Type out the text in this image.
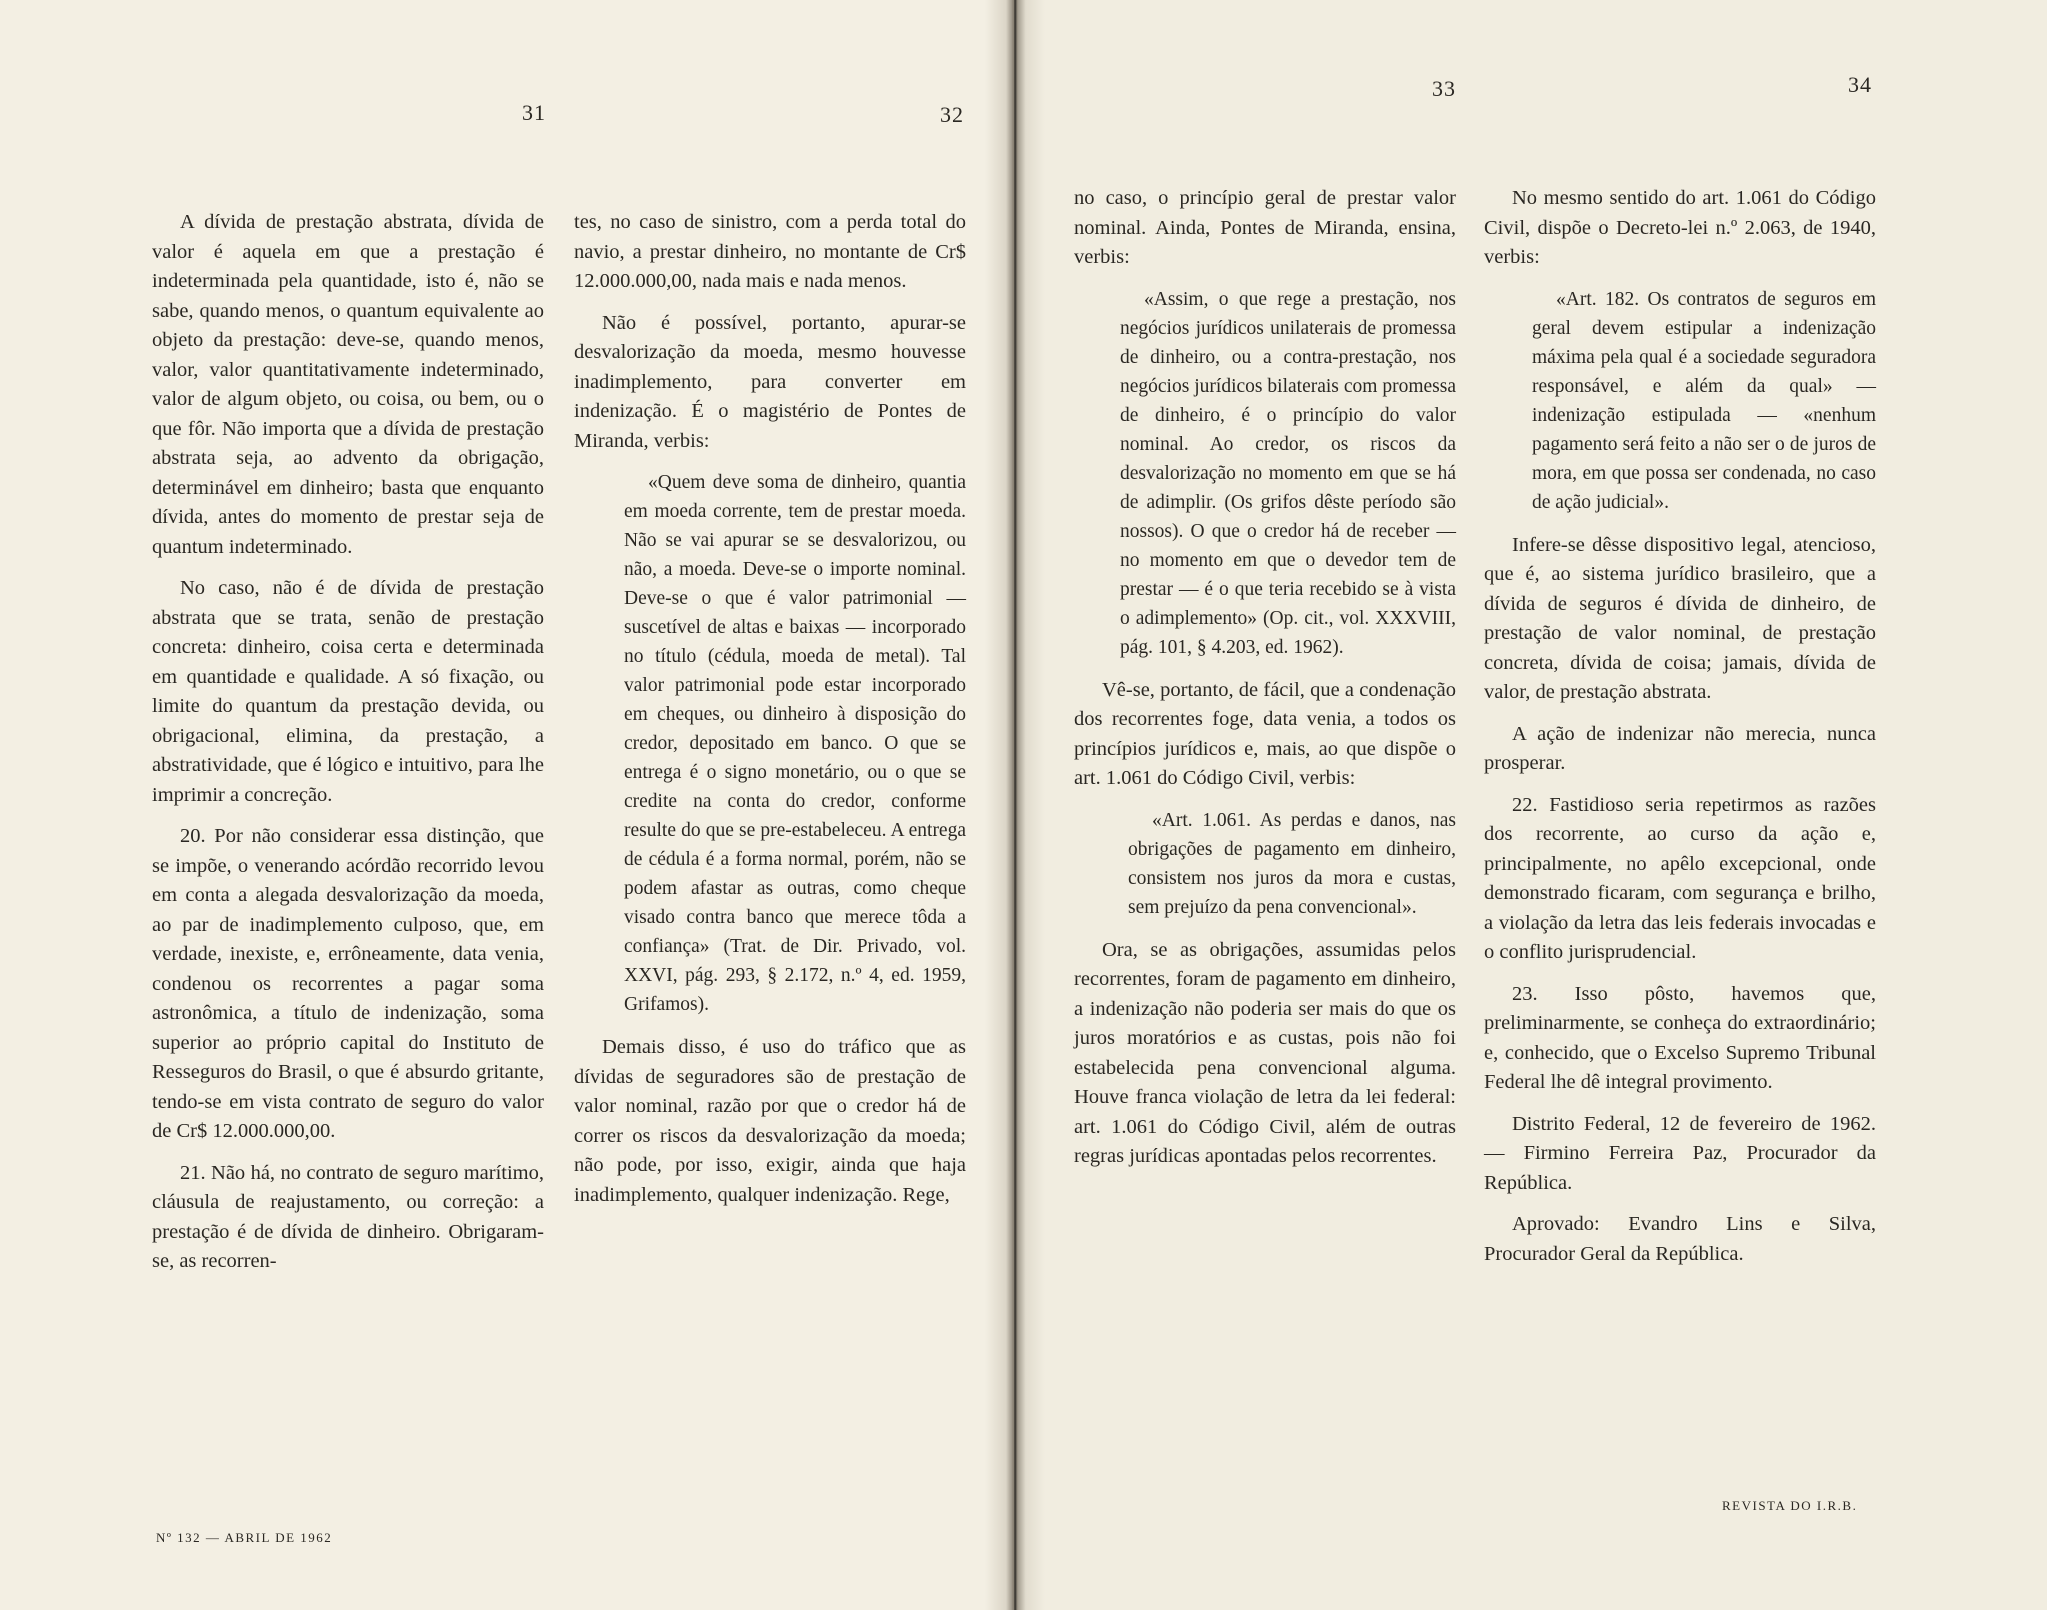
31	32
33	34

A dívida de prestação abstrata, dívida de valor é aquela em que a prestação é indeterminada pela quantidade, isto é, não se sabe, quando menos, o quantum equivalente ao objeto da prestação: deve-se, quando menos, valor, valor quantitativamente indeterminado, valor de algum objeto, ou coisa, ou bem, ou o que fôr. Não importa que a dívida de prestação abstrata seja, ao advento da obrigação, determinável em dinheiro; basta que enquanto dívida, antes do momento de prestar seja de quantum indeterminado.

No caso, não é de dívida de prestação abstrata que se trata, senão de prestação concreta: dinheiro, coisa certa e determinada em quantidade e qualidade. A só fixação, ou limite do quantum da prestação devida, ou obrigacional, elimina, da prestação, a abstratividade, que é lógico e intuitivo, para lhe imprimir a concreção.

20. Por não considerar essa distinção, que se impõe, o venerando acórdão recorrido levou em conta a alegada desvalorização da moeda, ao par de inadimplemento culposo, que, em verdade, inexiste, e, errôneamente, data venia, condenou os recorrentes a pagar soma astronômica, a título de indenização, soma superior ao próprio capital do Instituto de Resseguros do Brasil, o que é absurdo gritante, tendo-se em vista contrato de seguro do valor de Cr$ 12.000.000,00.

21. Não há, no contrato de seguro marítimo, cláusula de reajustamento, ou correção: a prestação é de dívida de dinheiro. Obrigaram-se, as recorren-

tes, no caso de sinistro, com a perda total do navio, a prestar dinheiro, no montante de Cr$ 12.000.000,00, nada mais e nada menos.

Não é possível, portanto, apurar-se desvalorização da moeda, mesmo houvesse inadimplemento, para converter em indenização. É o magistério de Pontes de Miranda, verbis:

«Quem deve soma de dinheiro, quantia em moeda corrente, tem de prestar moeda. Não se vai apurar se se desvalorizou, ou não, a moeda. Deve-se o importe nominal. Deve-se o que é valor patrimonial — suscetível de altas e baixas — incorporado no título (cédula, moeda de metal). Tal valor patrimonial pode estar incorporado em cheques, ou dinheiro à disposição do credor, depositado em banco. O que se entrega é o signo monetário, ou o que se credite na conta do credor, conforme resulte do que se pre-estabeleceu. A entrega de cédula é a forma normal, porém, não se podem afastar as outras, como cheque visado contra banco que merece tôda a confiança» (Trat. de Dir. Privado, vol. XXVI, pág. 293, § 2.172, n.º 4, ed. 1959, Grifamos).

Demais disso, é uso do tráfico que as dívidas de seguradores são de prestação de valor nominal, razão por que o credor há de correr os riscos da desvalorização da moeda; não pode, por isso, exigir, ainda que haja inadimplemento, qualquer indenização. Rege,

no caso, o princípio geral de prestar valor nominal. Ainda, Pontes de Miranda, ensina, verbis:

«Assim, o que rege a prestação, nos negócios jurídicos unilaterais de promessa de dinheiro, ou a contra-prestação, nos negócios jurídicos bilaterais com promessa de dinheiro, é o princípio do valor nominal. Ao credor, os riscos da desvalorização no momento em que se há de adimplir. (Os grifos dêste período são nossos). O que o credor há de receber — no momento em que o devedor tem de prestar — é o que teria recebido se à vista o adimplemento» (Op. cit., vol. XXXVIII, pág. 101, § 4.203, ed. 1962).

Vê-se, portanto, de fácil, que a condenação dos recorrentes foge, data venia, a todos os princípios jurídicos e, mais, ao que dispõe o art. 1.061 do Código Civil, verbis:

«Art. 1.061. As perdas e danos, nas obrigações de pagamento em dinheiro, consistem nos juros da mora e custas, sem prejuízo da pena convencional».

Ora, se as obrigações, assumidas pelos recorrentes, foram de pagamento em dinheiro, a indenização não poderia ser mais do que os juros moratórios e as custas, pois não foi estabelecida pena convencional alguma. Houve franca violação de letra da lei federal: art. 1.061 do Código Civil, além de outras regras jurídicas apontadas pelos recorrentes.

No mesmo sentido do art. 1.061 do Código Civil, dispõe o Decreto-lei n.º 2.063, de 1940, verbis:

«Art. 182. Os contratos de seguros em geral devem estipular a indenização máxima pela qual é a sociedade seguradora responsável, e além da qual» — indenização estipulada — «nenhum pagamento será feito a não ser o de juros de mora, em que possa ser condenada, no caso de ação judicial».

Infere-se dêsse dispositivo legal, atencioso, que é, ao sistema jurídico brasileiro, que a dívida de seguros é dívida de dinheiro, de prestação de valor nominal, de prestação concreta, dívida de coisa; jamais, dívida de valor, de prestação abstrata.

A ação de indenizar não merecia, nunca prosperar.

22. Fastidioso seria repetirmos as razões dos recorrente, ao curso da ação e, principalmente, no apêlo excepcional, onde demonstrado ficaram, com segurança e brilho, a violação da letra das leis federais invocadas e o conflito jurisprudencial.

23. Isso pôsto, havemos que, preliminarmente, se conheça do extraordinário; e, conhecido, que o Excelso Supremo Tribunal Federal lhe dê integral provimento.

Distrito Federal, 12 de fevereiro de 1962. — Firmino Ferreira Paz, Procurador da República.

Aprovado: Evandro Lins e Silva, Procurador Geral da República.

Nº 132 — ABRIL DE 1962
REVISTA DO I.R.B.
